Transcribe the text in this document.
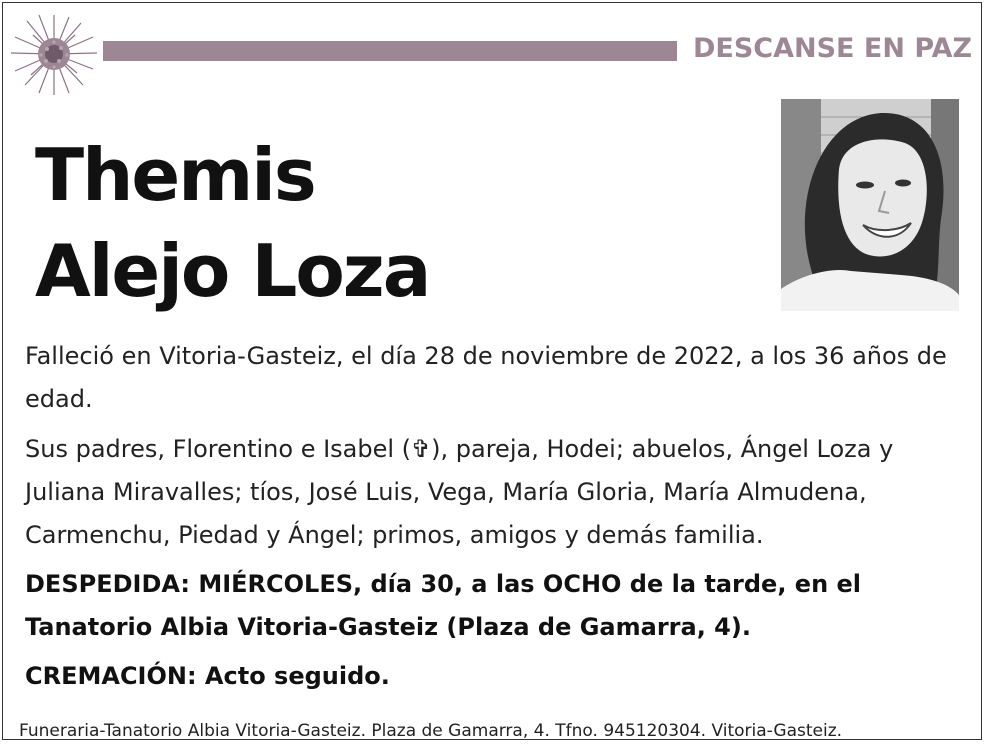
DESCANSE EN PAZ
Themis
Alejo Loza

Falleció en Vitoria-Gasteiz, el día 28 de noviembre de 2022, a los 36 años de edad.

Sus padres, Florentino e Isabel (✞), pareja, Hodei; abuelos, Ángel Loza y Juliana Miravalles; tíos, José Luis, Vega, María Gloria, María Almudena, Carmenchu, Piedad y Ángel; primos, amigos y demás familia.

DESPEDIDA: MIÉRCOLES, día 30, a las OCHO de la tarde, en el Tanatorio Albia Vitoria-Gasteiz (Plaza de Gamarra, 4).

CREMACIÓN: Acto seguido.

Funeraria-Tanatorio Albia Vitoria-Gasteiz. Plaza de Gamarra, 4. Tfno. 945120304. Vitoria-Gasteiz.
